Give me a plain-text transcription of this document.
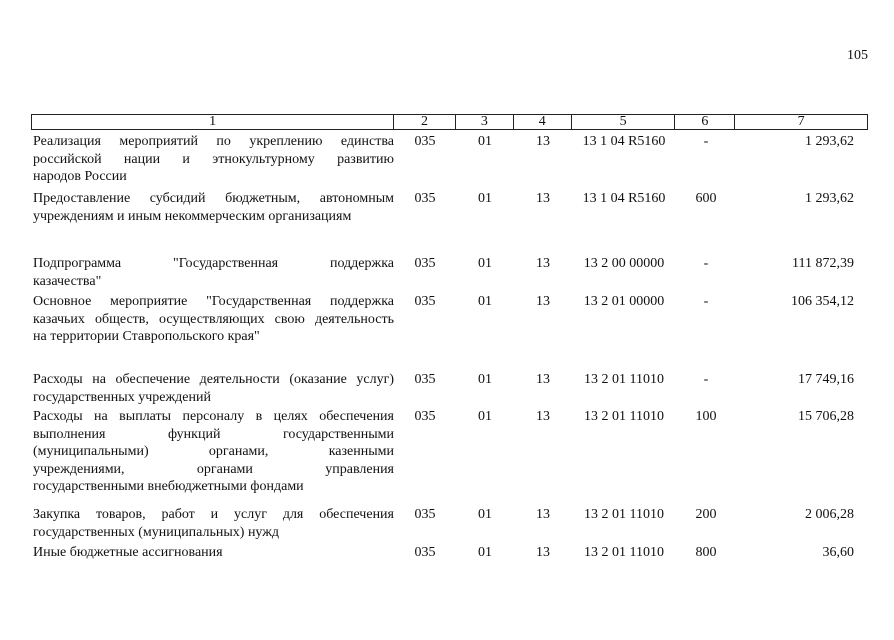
105
1	2	3	4	5	6	7
Реализация мероприятий по укреплению единства
российской нации и этнокультурному развитию
народов России
035	01	13	13 1 04 R5160	-	1 293,62
Предоставление субсидий бюджетным, автономным
учреждениям и иным некоммерческим организациям
035	01	13	13 1 04 R5160	600	1 293,62
Подпрограмма "Государственная поддержка
казачества"
035	01	13	13 2 00 00000	-	111 872,39
Основное мероприятие "Государственная поддержка
казачьих обществ, осуществляющих свою деятельность
на территории Ставропольского края"
035	01	13	13 2 01 00000	-	106 354,12
Расходы на обеспечение деятельности (оказание услуг)
государственных учреждений
035	01	13	13 2 01 11010	-	17 749,16
Расходы на выплаты персоналу в целях обеспечения
выполнения функций государственными
(муниципальными) органами, казенными
учреждениями, органами управления
государственными внебюджетными фондами
035	01	13	13 2 01 11010	100	15 706,28
Закупка товаров, работ и услуг для обеспечения
государственных (муниципальных) нужд
035	01	13	13 2 01 11010	200	2 006,28
Иные бюджетные ассигнования	035	01	13	13 2 01 11010	800	36,60
